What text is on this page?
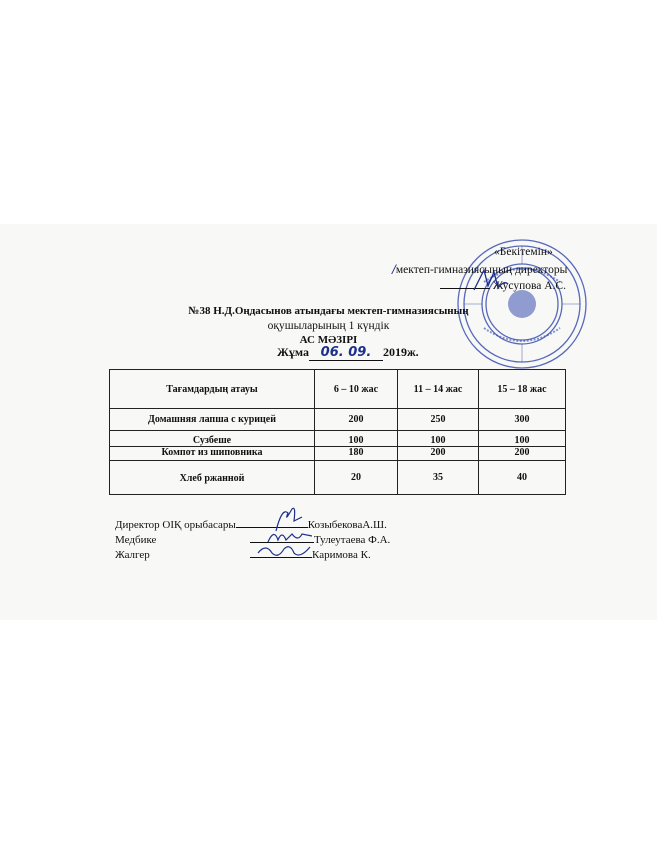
«Бекітемін»
/мектеп-гимназиясының директоры
Жусупова А.С.
№38 Н.Д.Оңдасынов атындағы мектеп-гимназиясының
оқушыларының 1 күндік
АС МӘЗІРІ
Жұма 06. 09. 2019ж.
Тағамдардың атауы	6 – 10 жас	11 – 14 жас	15 – 18 жас
Домашняя лапша с курицей	200	250	300
Сузбеше	100	100	100
Компот из шиповника	180	200	200
Хлеб ржанной	20	35	40
Директор ОІҚ орыбасары	КозыбековаА.Ш.
Медбике	Тулеутаева Ф.А.
Жалгер	Каримова К.
